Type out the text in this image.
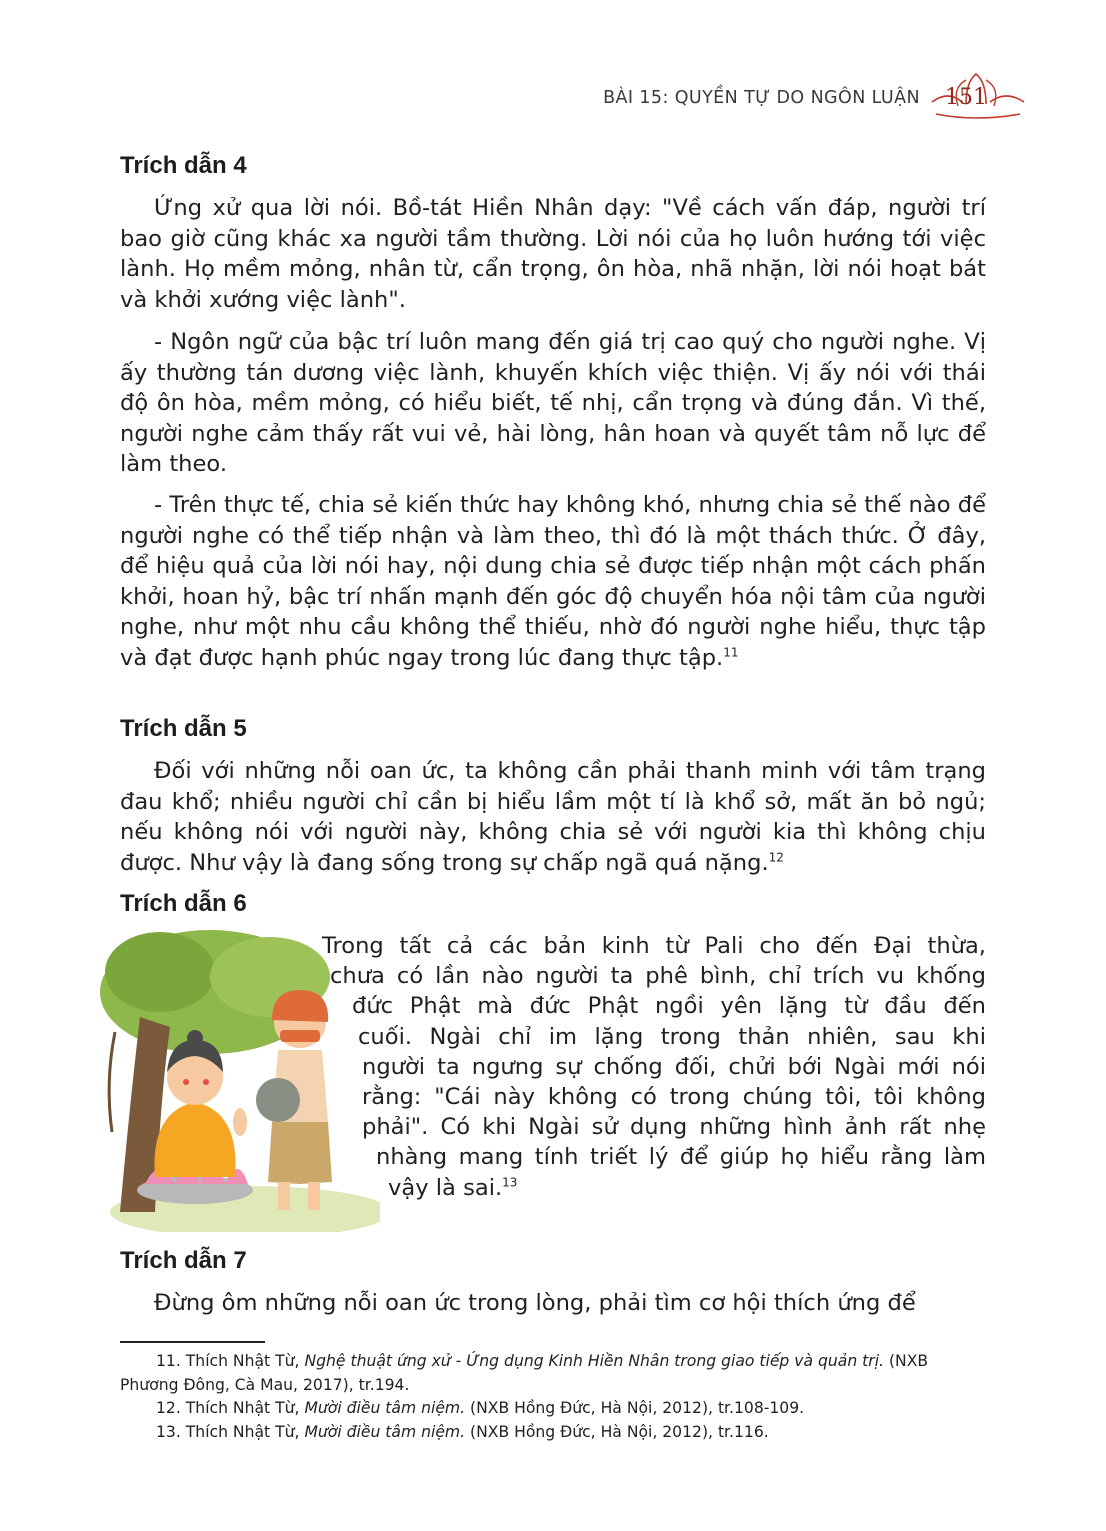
BÀI 15: QUYỀN TỰ DO NGÔN LUẬN	151
Trích dẫn 4

Ứng xử qua lời nói. Bồ-tát Hiền Nhân dạy: "Về cách vấn đáp, người trí bao giờ cũng khác xa người tầm thường. Lời nói của họ luôn hướng tới việc lành. Họ mềm mỏng, nhân từ, cẩn trọng, ôn hòa, nhã nhặn, lời nói hoạt bát và khởi xướng việc lành".

- Ngôn ngữ của bậc trí luôn mang đến giá trị cao quý cho người nghe. Vị ấy thường tán dương việc lành, khuyến khích việc thiện. Vị ấy nói với thái độ ôn hòa, mềm mỏng, có hiểu biết, tế nhị, cẩn trọng và đúng đắn. Vì thế, người nghe cảm thấy rất vui vẻ, hài lòng, hân hoan và quyết tâm nỗ lực để làm theo.

- Trên thực tế, chia sẻ kiến thức hay không khó, nhưng chia sẻ thế nào để người nghe có thể tiếp nhận và làm theo, thì đó là một thách thức. Ở đây, để hiệu quả của lời nói hay, nội dung chia sẻ được tiếp nhận một cách phấn khởi, hoan hỷ, bậc trí nhấn mạnh đến góc độ chuyển hóa nội tâm của người nghe, như một nhu cầu không thể thiếu, nhờ đó người nghe hiểu, thực tập và đạt được hạnh phúc ngay trong lúc đang thực tập.$^{11}$

Trích dẫn 5

Đối với những nỗi oan ức, ta không cần phải thanh minh với tâm trạng đau khổ; nhiều người chỉ cần bị hiểu lầm một tí là khổ sở, mất ăn bỏ ngủ; nếu không nói với người này, không chia sẻ với người kia thì không chịu được. Như vậy là đang sống trong sự chấp ngã quá nặng.$^{12}$

Trích dẫn 6
Trong tất cả các bản kinh từ Pali cho đến Đại thừa,
chưa có lần nào người ta phê bình, chỉ trích vu khống
đức Phật mà đức Phật ngồi yên lặng từ đầu đến
cuối. Ngài chỉ im lặng trong thản nhiên, sau khi
người ta ngưng sự chống đối, chửi bới Ngài mới nói
rằng: "Cái này không có trong chúng tôi, tôi không
phải". Có khi Ngài sử dụng những hình ảnh rất nhẹ
nhàng mang tính triết lý để giúp họ hiểu rằng làm
vậy là sai.$^{13}$
Trích dẫn 7

Đừng ôm những nỗi oan ức trong lòng, phải tìm cơ hội thích ứng để

11. Thích Nhật Từ, Nghệ thuật ứng xử - Ứng dụng Kinh Hiền Nhân trong giao tiếp và quản trị. (NXB Phương Đông, Cà Mau, 2017), tr.194.

12. Thích Nhật Từ, Mười điều tâm niệm. (NXB Hồng Đức, Hà Nội, 2012), tr.108-109.

13. Thích Nhật Từ, Mười điều tâm niệm. (NXB Hồng Đức, Hà Nội, 2012), tr.116.
